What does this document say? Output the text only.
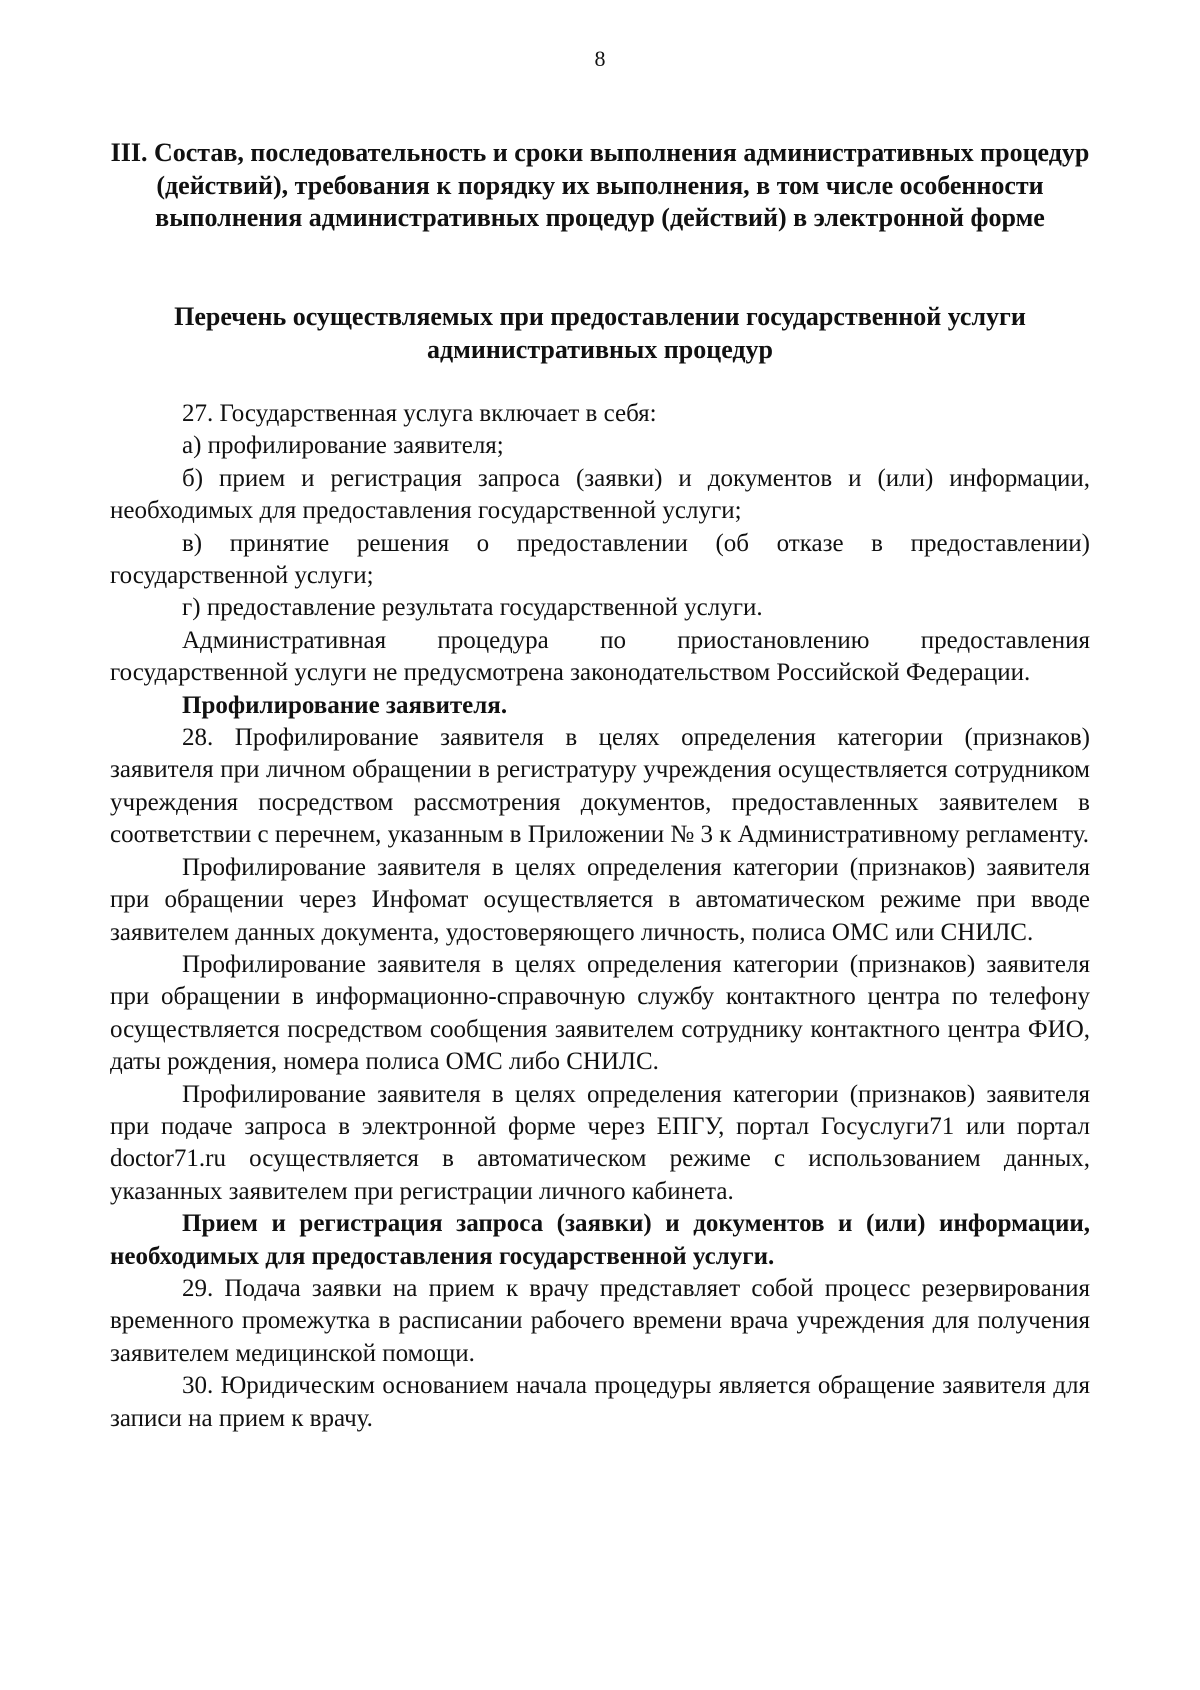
8
III. Состав, последовательность и сроки выполнения административных процедур (действий), требования к порядку их выполнения, в том числе особенности выполнения административных процедур (действий) в электронной форме
Перечень осуществляемых при предоставлении государственной услуги административных процедур

27. Государственная услуга включает в себя:

а) профилирование заявителя;

б) прием и регистрация запроса (заявки) и документов и (или) информации, необходимых для предоставления государственной услуги;

в) принятие решения о предоставлении (об отказе в предоставлении) государственной услуги;

г) предоставление результата государственной услуги.

Административная процедура по приостановлению предоставления государственной услуги не предусмотрена законодательством Российской Федерации.

Профилирование заявителя.

28. Профилирование заявителя в целях определения категории (признаков) заявителя при личном обращении в регистратуру учреждения осуществляется сотрудником учреждения посредством рассмотрения документов, предоставленных заявителем в соответствии с перечнем, указанным в Приложении № 3 к Административному регламенту.

Профилирование заявителя в целях определения категории (признаков) заявителя при обращении через Инфомат осуществляется в автоматическом режиме при вводе заявителем данных документа, удостоверяющего личность, полиса ОМС или СНИЛС.

Профилирование заявителя в целях определения категории (признаков) заявителя при обращении в информационно-справочную службу контактного центра по телефону осуществляется посредством сообщения заявителем сотруднику контактного центра ФИО, даты рождения, номера полиса ОМС либо СНИЛС.

Профилирование заявителя в целях определения категории (признаков) заявителя при подаче запроса в электронной форме через ЕПГУ, портал Госуслуги71 или портал doctor71.ru осуществляется в автоматическом режиме с использованием данных, указанных заявителем при регистрации личного кабинета.

Прием и регистрация запроса (заявки) и документов и (или) информации, необходимых для предоставления государственной услуги.

29. Подача заявки на прием к врачу представляет собой процесс резервирования временного промежутка в расписании рабочего времени врача учреждения для получения заявителем медицинской помощи.

30. Юридическим основанием начала процедуры является обращение заявителя для записи на прием к врачу.
